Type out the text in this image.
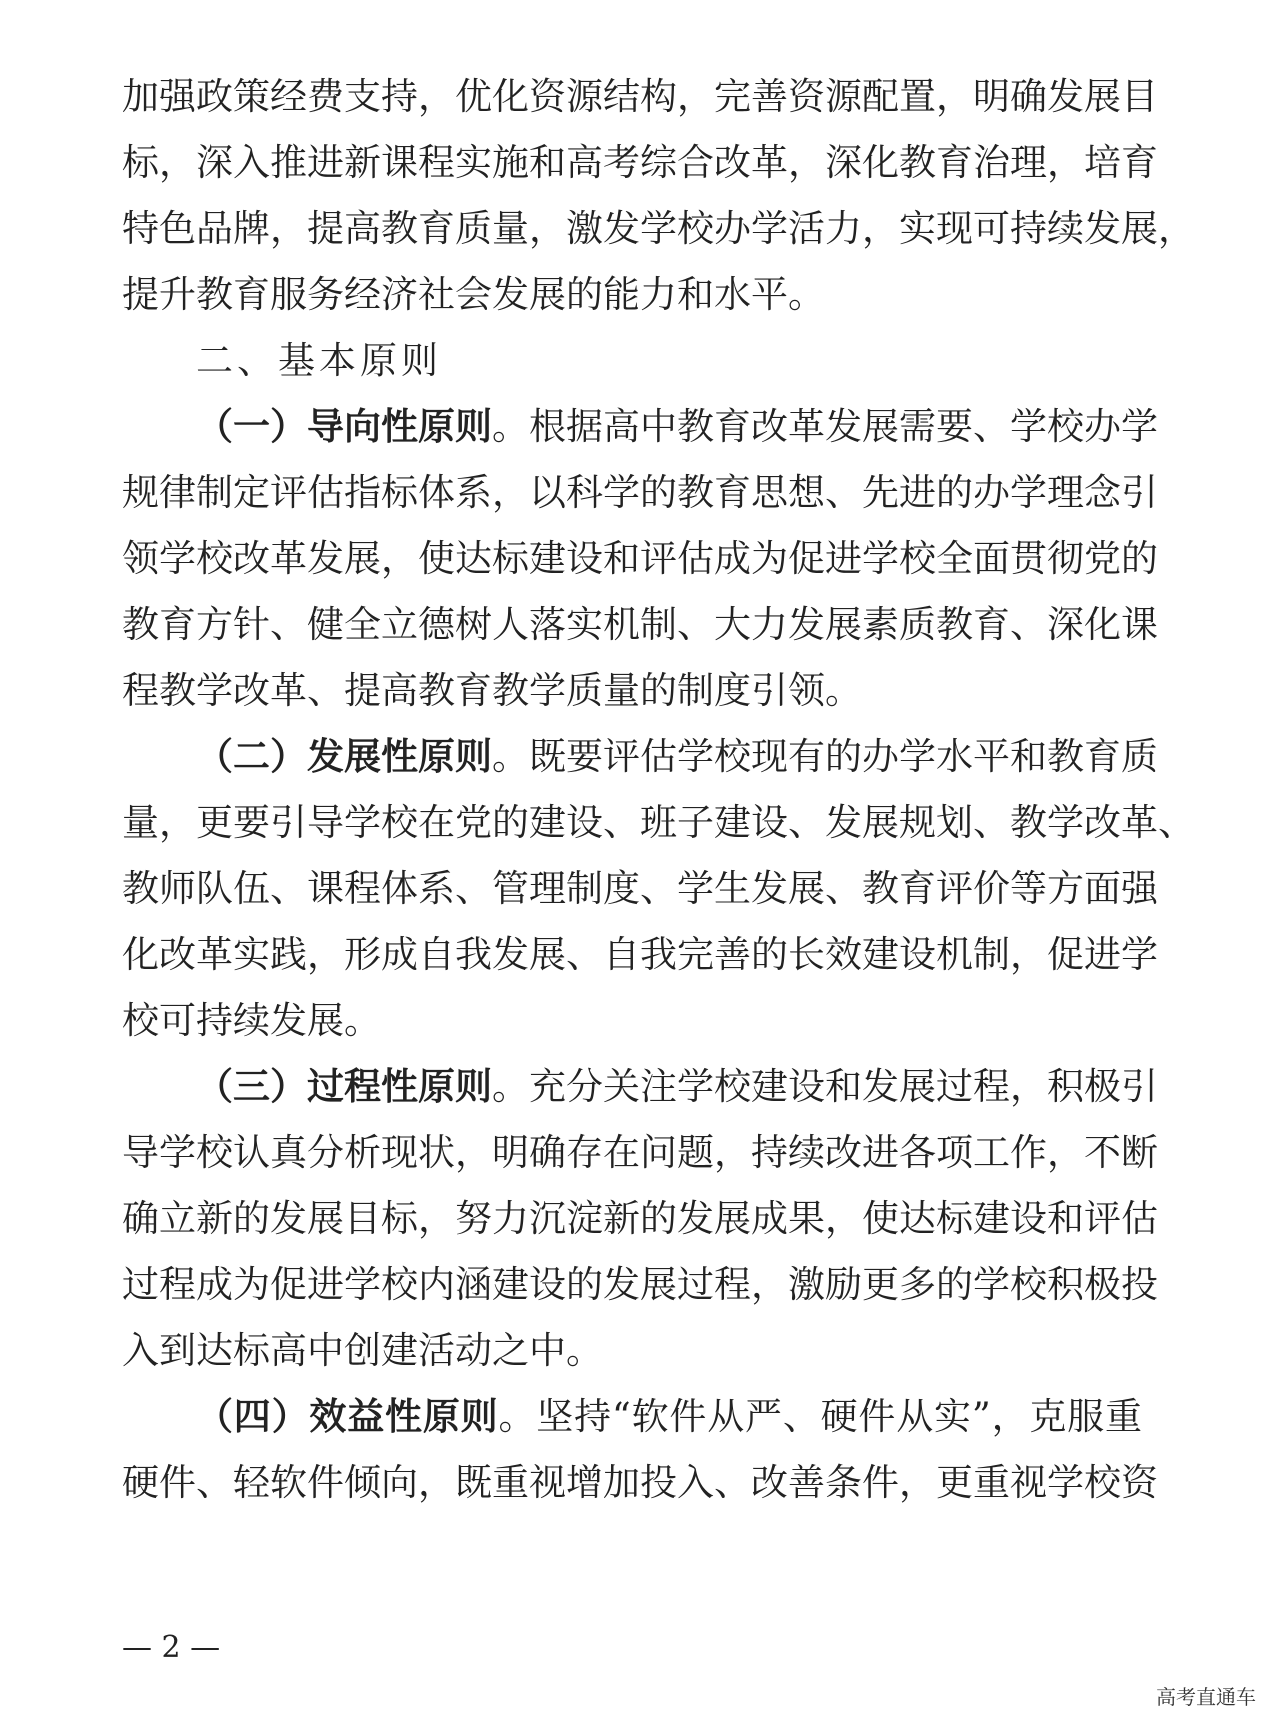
加强政策经费支持，优化资源结构，完善资源配置，明确发展目
标，深入推进新课程实施和高考综合改革，深化教育治理，培育
特色品牌，提高教育质量，激发学校办学活力，实现可持续发展，
提升教育服务经济社会发展的能力和水平。
二、基本原则
（一）导向性原则。根据高中教育改革发展需要、学校办学
规律制定评估指标体系，以科学的教育思想、先进的办学理念引
领学校改革发展，使达标建设和评估成为促进学校全面贯彻党的
教育方针、健全立德树人落实机制、大力发展素质教育、深化课
程教学改革、提高教育教学质量的制度引领。
（二）发展性原则。既要评估学校现有的办学水平和教育质
量，更要引导学校在党的建设、班子建设、发展规划、教学改革、
教师队伍、课程体系、管理制度、学生发展、教育评价等方面强
化改革实践，形成自我发展、自我完善的长效建设机制，促进学
校可持续发展。
（三）过程性原则。充分关注学校建设和发展过程，积极引
导学校认真分析现状，明确存在问题，持续改进各项工作，不断
确立新的发展目标，努力沉淀新的发展成果，使达标建设和评估
过程成为促进学校内涵建设的发展过程，激励更多的学校积极投
入到达标高中创建活动之中。
（四）效益性原则。坚持“软件从严、硬件从实”，克服重
硬件、轻软件倾向，既重视增加投入、改善条件，更重视学校资
— 2 —
高考直通车
